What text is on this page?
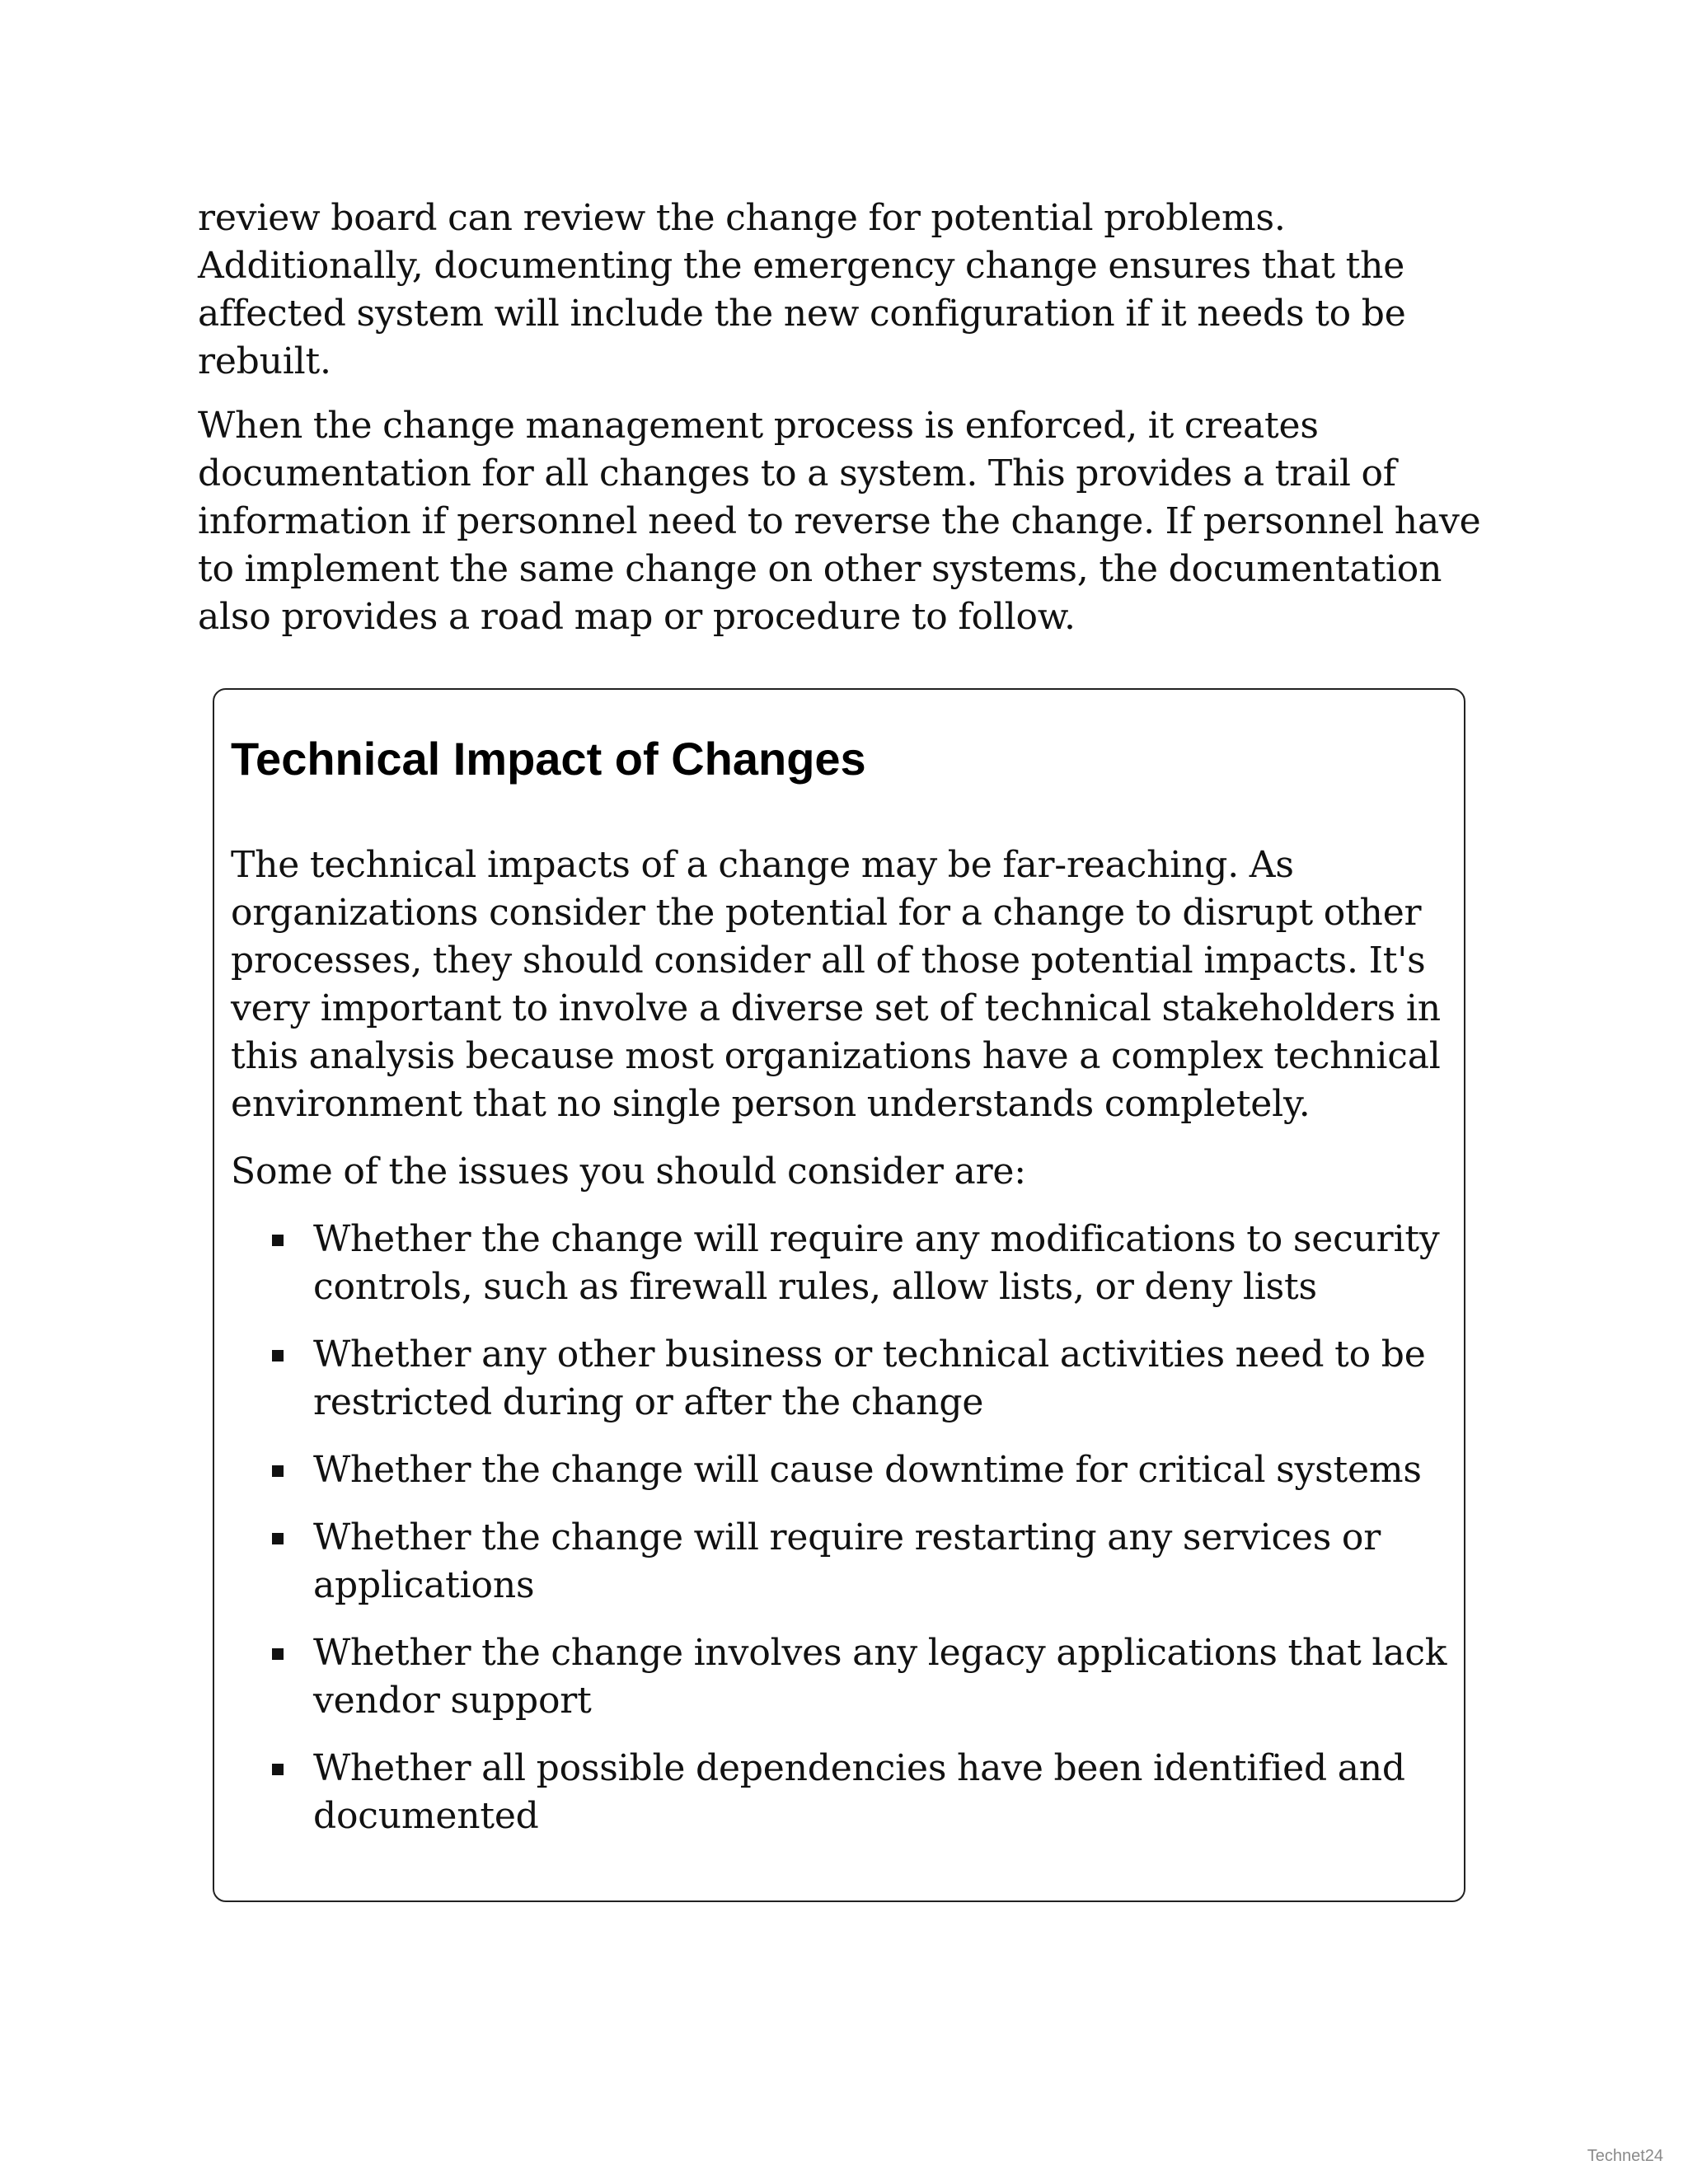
review board can review the change for potential problems. Additionally, documenting the emergency change ensures that the affected system will include the new configuration if it needs to be rebuilt.

When the change management process is enforced, it creates documentation for all changes to a system. This provides a trail of information if personnel need to reverse the change. If personnel have to implement the same change on other systems, the documentation also provides a road map or procedure to follow.

Technical Impact of Changes

The technical impacts of a change may be far-reaching. As organizations consider the potential for a change to disrupt other processes, they should consider all of those potential impacts. It's very important to involve a diverse set of technical stakeholders in this analysis because most organizations have a complex technical environment that no single person understands completely.

Some of the issues you should consider are:

Whether the change will require any modifications to security controls, such as firewall rules, allow lists, or deny lists
Whether any other business or technical activities need to be restricted during or after the change
Whether the change will cause downtime for critical systems
Whether the change will require restarting any services or applications
Whether the change involves any legacy applications that lack vendor support
Whether all possible dependencies have been identified and documented
Technet24
